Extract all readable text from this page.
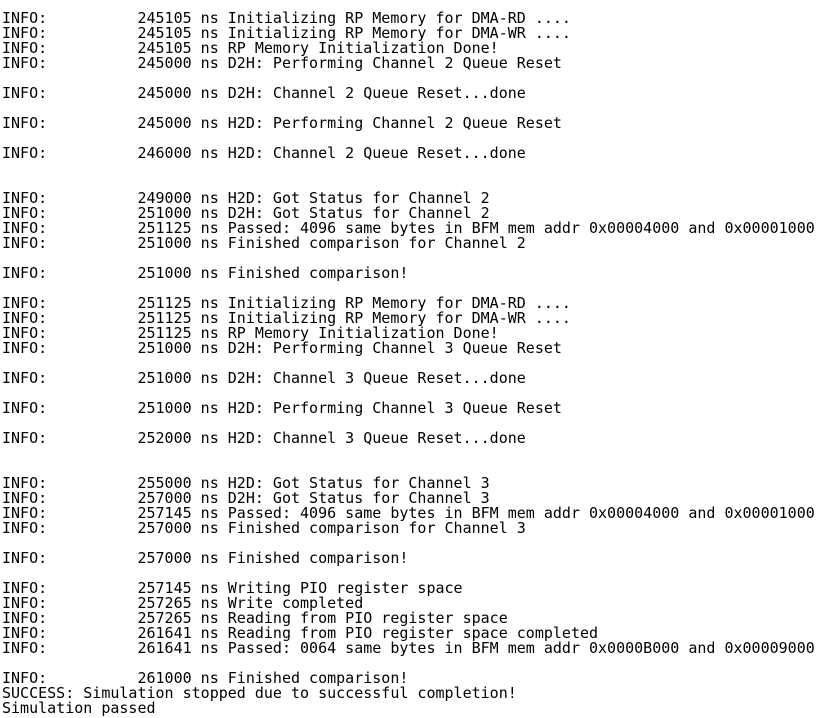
INFO:          245105 ns Initializing RP Memory for DMA-RD ....
INFO:          245105 ns Initializing RP Memory for DMA-WR ....
INFO:          245105 ns RP Memory Initialization Done!
INFO:          245000 ns D2H: Performing Channel 2 Queue Reset
INFO:          245000 ns D2H: Channel 2 Queue Reset...done
INFO:          245000 ns H2D: Performing Channel 2 Queue Reset
INFO:          246000 ns H2D: Channel 2 Queue Reset...done
INFO:          249000 ns H2D: Got Status for Channel 2
INFO:          251000 ns D2H: Got Status for Channel 2
INFO:          251125 ns Passed: 4096 same bytes in BFM mem addr 0x00004000 and 0x00001000
INFO:          251000 ns Finished comparison for Channel 2
INFO:          251000 ns Finished comparison!
INFO:          251125 ns Initializing RP Memory for DMA-RD ....
INFO:          251125 ns Initializing RP Memory for DMA-WR ....
INFO:          251125 ns RP Memory Initialization Done!
INFO:          251000 ns D2H: Performing Channel 3 Queue Reset
INFO:          251000 ns D2H: Channel 3 Queue Reset...done
INFO:          251000 ns H2D: Performing Channel 3 Queue Reset
INFO:          252000 ns H2D: Channel 3 Queue Reset...done
INFO:          255000 ns H2D: Got Status for Channel 3
INFO:          257000 ns D2H: Got Status for Channel 3
INFO:          257145 ns Passed: 4096 same bytes in BFM mem addr 0x00004000 and 0x00001000
INFO:          257000 ns Finished comparison for Channel 3
INFO:          257000 ns Finished comparison!
INFO:          257145 ns Writing PIO register space
INFO:          257265 ns Write completed
INFO:          257265 ns Reading from PIO register space
INFO:          261641 ns Reading from PIO register space completed
INFO:          261641 ns Passed: 0064 same bytes in BFM mem addr 0x0000B000 and 0x00009000
INFO:          261000 ns Finished comparison!
SUCCESS: Simulation stopped due to successful completion!
Simulation passed
